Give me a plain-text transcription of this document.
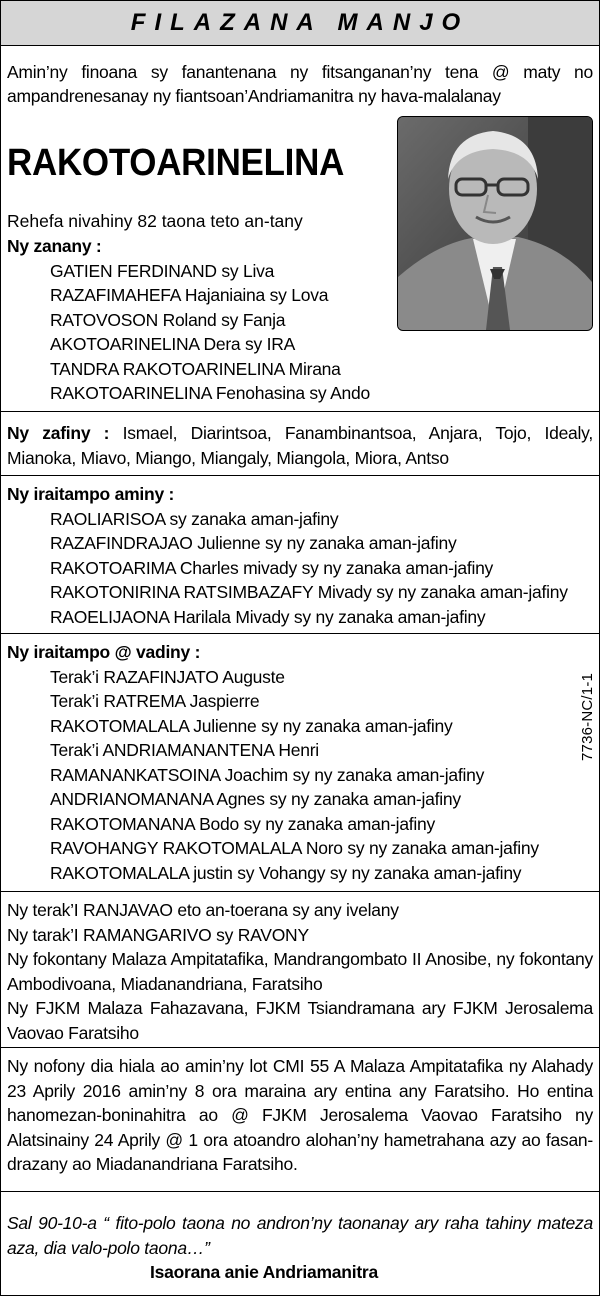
FILAZANA MANJO
Amin’ny finoana sy fanantenana ny fitsanganan’ny tena @ maty no ampandrenesanay ny fiantsoan’Andriamanitra ny hava-malalanay
RAKOTOARINELINA
Rehefa nivahiny 82 taona teto an-tany
Ny zanany :
GATIEN FERDINAND sy Liva
RAZAFIMAHEFA Hajaniaina sy Lova
RATOVOSON Roland sy Fanja
AKOTOARINELINA Dera sy IRA
TANDRA RAKOTOARINELINA Mirana
RAKOTOARINELINA Fenohasina sy Ando
Ny zafiny : Ismael, Diarintsoa, Fanambinantsoa, Anjara, Tojo, Idealy,
Mianoka, Miavo, Miango, Miangaly, Miangola, Miora, Antso
Ny iraitampo aminy :
RAOLIARISOA sy zanaka aman-jafiny
RAZAFINDRAJAO Julienne sy ny zanaka aman-jafiny
RAKOTOARIMA Charles mivady sy ny zanaka aman-jafiny
RAKOTONIRINA RATSIMBAZAFY Mivady sy ny zanaka aman-jafiny
RAOELIJAONA Harilala Mivady sy ny zanaka aman-jafiny
Ny iraitampo @ vadiny :
Terak’i RAZAFINJATO Auguste
Terak’i RATREMA Jaspierre
RAKOTOMALALA Julienne sy ny zanaka aman-jafiny
Terak’i ANDRIAMANANTENA Henri
RAMANANKATSOINA Joachim sy ny zanaka aman-jafiny
ANDRIANOMANANA Agnes sy ny zanaka aman-jafiny
RAKOTOMANANA Bodo sy ny zanaka aman-jafiny
RAVOHANGY RAKOTOMALALA Noro sy ny zanaka aman-jafiny
RAKOTOMALALA justin sy Vohangy sy ny zanaka aman-jafiny
7736-NC/1-1
Ny terak’I RANJAVAO eto an-toerana sy any ivelany
Ny tarak’I RAMANGARIVO sy RAVONY
Ny fokontany Malaza Ampitatafika, Mandrangombato II Anosibe, ny fokontany Ambodivoana, Miadanandriana, Faratsiho
Ny FJKM Malaza Fahazavana, FJKM Tsiandramana ary FJKM Jerosalema Vaovao Faratsiho
Ny nofony dia hiala ao amin’ny lot CMI 55 A Malaza Ampitatafika ny Alahady 23 Aprily 2016 amin’ny 8 ora maraina ary entina any Faratsiho. Ho entina hanomezan-boninahitra ao @ FJKM Jerosalema Vaovao Faratsiho ny Alatsinainy 24 Aprily @ 1 ora atoandro alohan’ny hametrahana azy ao fasan-drazany ao Miadanandriana Faratsiho.
Sal 90-10-a “ fito-polo taona no andron’ny taonanay ary raha tahiny mateza aza, dia valo-polo taona…”
Isaorana anie Andriamanitra
